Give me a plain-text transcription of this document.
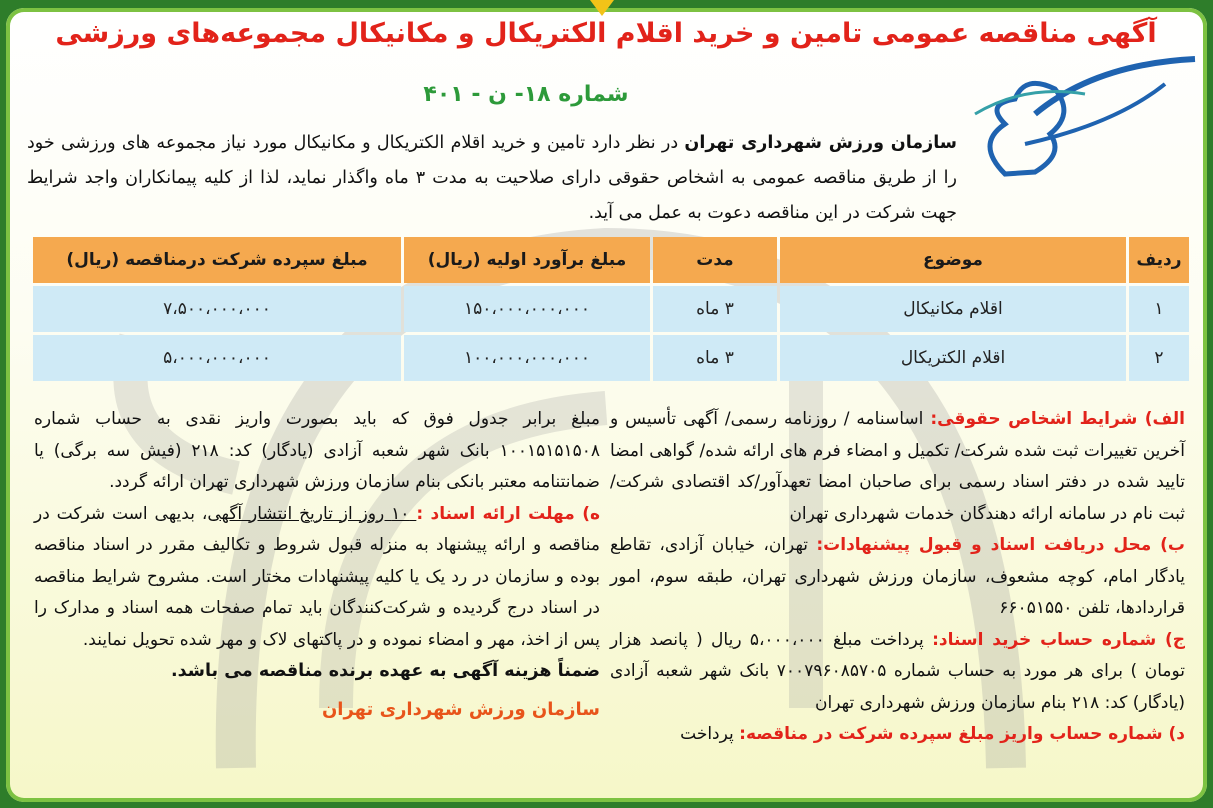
آگهی مناقصه عمومی تامین و خرید اقلام الکتریکال و مکانیکال مجموعه‌های ورزشی
شماره ۱۸- ن - ۴۰۱
سازمان ورزش شهرداری تهران در نظر دارد تامین و خرید اقلام الکتریکال و مکانیکال مورد نیاز مجموعه های ورزشی خود را از طریق مناقصه عمومی به اشخاص حقوقی دارای صلاحیت به مدت ۳ ماه واگذار نماید، لذا از کلیه پیمانکاران واجد شرایط جهت شرکت در این مناقصه دعوت به عمل می آید.
ردیف	موضوع	مدت	مبلغ برآورد اولیه (ریال)	مبلغ سپرده شرکت درمناقصه (ریال)
۱	اقلام مکانیکال	۳ ماه	۱۵۰،۰۰۰،۰۰۰،۰۰۰	۷،۵۰۰،۰۰۰،۰۰۰
۲	اقلام الکتریکال	۳ ماه	۱۰۰،۰۰۰،۰۰۰،۰۰۰	۵،۰۰۰،۰۰۰،۰۰۰
الف) شرایط اشخاص حقوقی: اساسنامه / روزنامه رسمی/ آگهی تأسیس و آخرین تغییرات ثبت شده شرکت/ تکمیل و امضاء فرم های ارائه شده/ گواهی امضا تایید شده در دفتر اسناد رسمی برای صاحبان امضا تعهدآور/کد اقتصادی شرکت/ثبت نام در سامانه ارائه دهندگان خدمات شهرداری تهران
ب) محل دریافت اسناد و قبول پیشنهادات: تهران، خیابان آزادی، تقاطع یادگار امام، کوچه مشعوف، سازمان ورزش شهرداری تهران، طبقه سوم، امور قراردادها، تلفن ۶۶۰۵۱۵۵۰
ج) شماره حساب خرید اسناد: پرداخت مبلغ ۵،۰۰۰،۰۰۰ ریال ( پانصد هزار تومان ) برای هر مورد به حساب شماره ۷۰۰۷۹۶۰۸۵۷۰۵ بانک شهر شعبه آزادی (یادگار) کد: ۲۱۸ بنام سازمان ورزش شهرداری تهران
د) شماره حساب واریز مبلغ سپرده شرکت در مناقصه: پرداخت
مبلغ برابر جدول فوق که باید بصورت واریز نقدی به حساب شماره ۱۰۰۱۵۱۵۱۵۰۸ بانک شهر شعبه آزادی (یادگار) کد: ۲۱۸ (فیش سه برگی) یا ضمانتنامه معتبر بانکی بنام سازمان ورزش شهرداری تهران ارائه گردد.
ه) مهلت ارائه اسناد : ۱۰ روز از تاریخ انتشار آگهی، بدیهی است شرکت در مناقصه و ارائه پیشنهاد به منزله قبول شروط و تکالیف مقرر در اسناد مناقصه بوده و سازمان در رد یک یا کلیه پیشنهادات مختار است. مشروح شرایط مناقصه در اسناد درج گردیده و شرکت‌کنندگان باید تمام صفحات همه اسناد و مدارک را پس از اخذ، مهر و امضاء نموده و در پاکتهای لاک و مهر شده تحویل نمایند.
ضمناً هزینه آگهی به عهده برنده مناقصه می باشد.
سازمان ورزش شهرداری تهران
